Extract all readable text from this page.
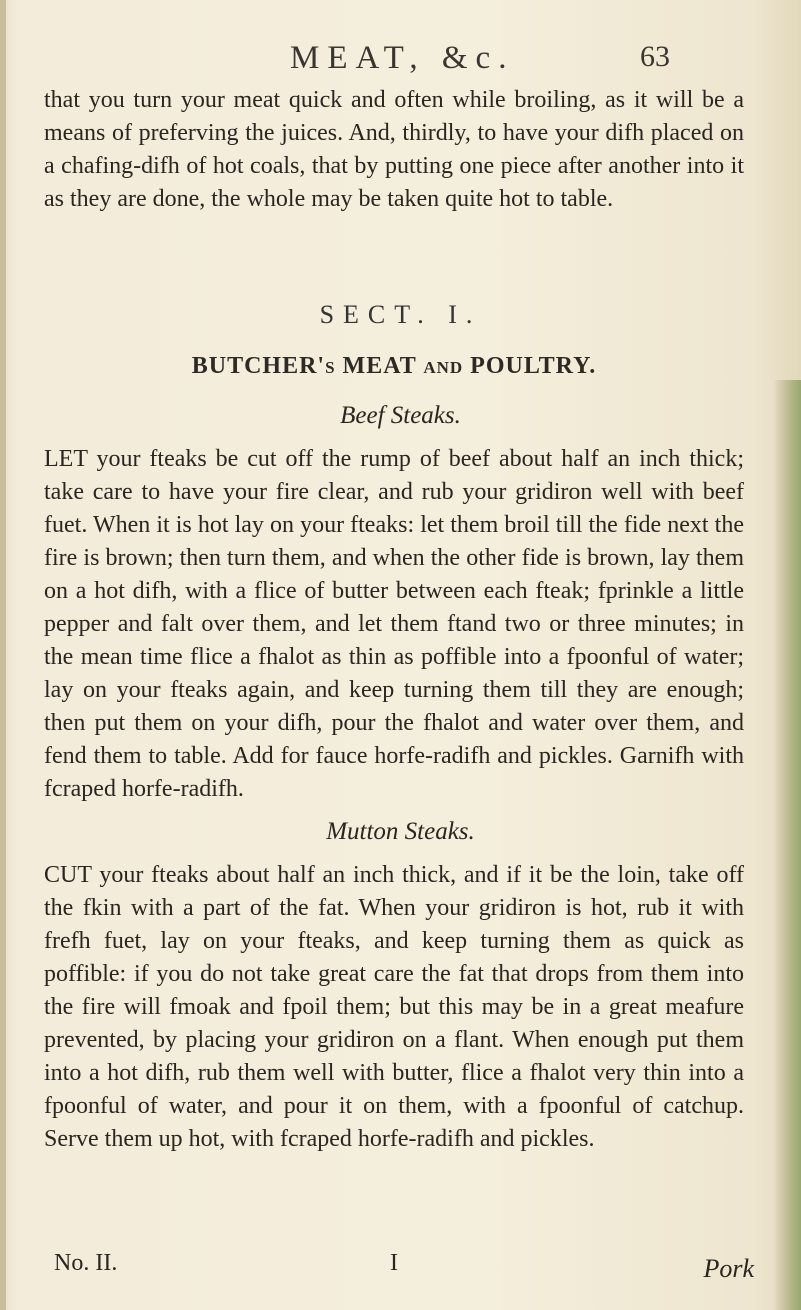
MEAT, &c.	63
that you turn your meat quick and often while broiling, as it will be a means of preferving the juices. And, thirdly, to have your difh placed on a chafing-difh of hot coals, that by putting one piece after another into it as they are done, the whole may be taken quite hot to table.
SECT. I.
BUTCHER's MEAT and POULTRY.
Beef Steaks.
LET your fteaks be cut off the rump of beef about half an inch thick; take care to have your fire clear, and rub your gridiron well with beef fuet. When it is hot lay on your fteaks: let them broil till the fide next the fire is brown; then turn them, and when the other fide is brown, lay them on a hot difh, with a flice of butter between each fteak; fprinkle a little pepper and falt over them, and let them ftand two or three minutes; in the mean time flice a fhalot as thin as poffible into a fpoonful of water; lay on your fteaks again, and keep turning them till they are enough; then put them on your difh, pour the fhalot and water over them, and fend them to table. Add for fauce horfe-radifh and pickles. Garnifh with fcraped horfe-radifh.
Mutton Steaks.
CUT your fteaks about half an inch thick, and if it be the loin, take off the fkin with a part of the fat. When your gridiron is hot, rub it with frefh fuet, lay on your fteaks, and keep turning them as quick as poffible: if you do not take great care the fat that drops from them into the fire will fmoak and fpoil them; but this may be in a great meafure prevented, by placing your gridiron on a flant. When enough put them into a hot difh, rub them well with butter, flice a fhalot very thin into a fpoonful of water, and pour it on them, with a fpoonful of catchup. Serve them up hot, with fcraped horfe-radifh and pickles.
No. II.	I	Pork
